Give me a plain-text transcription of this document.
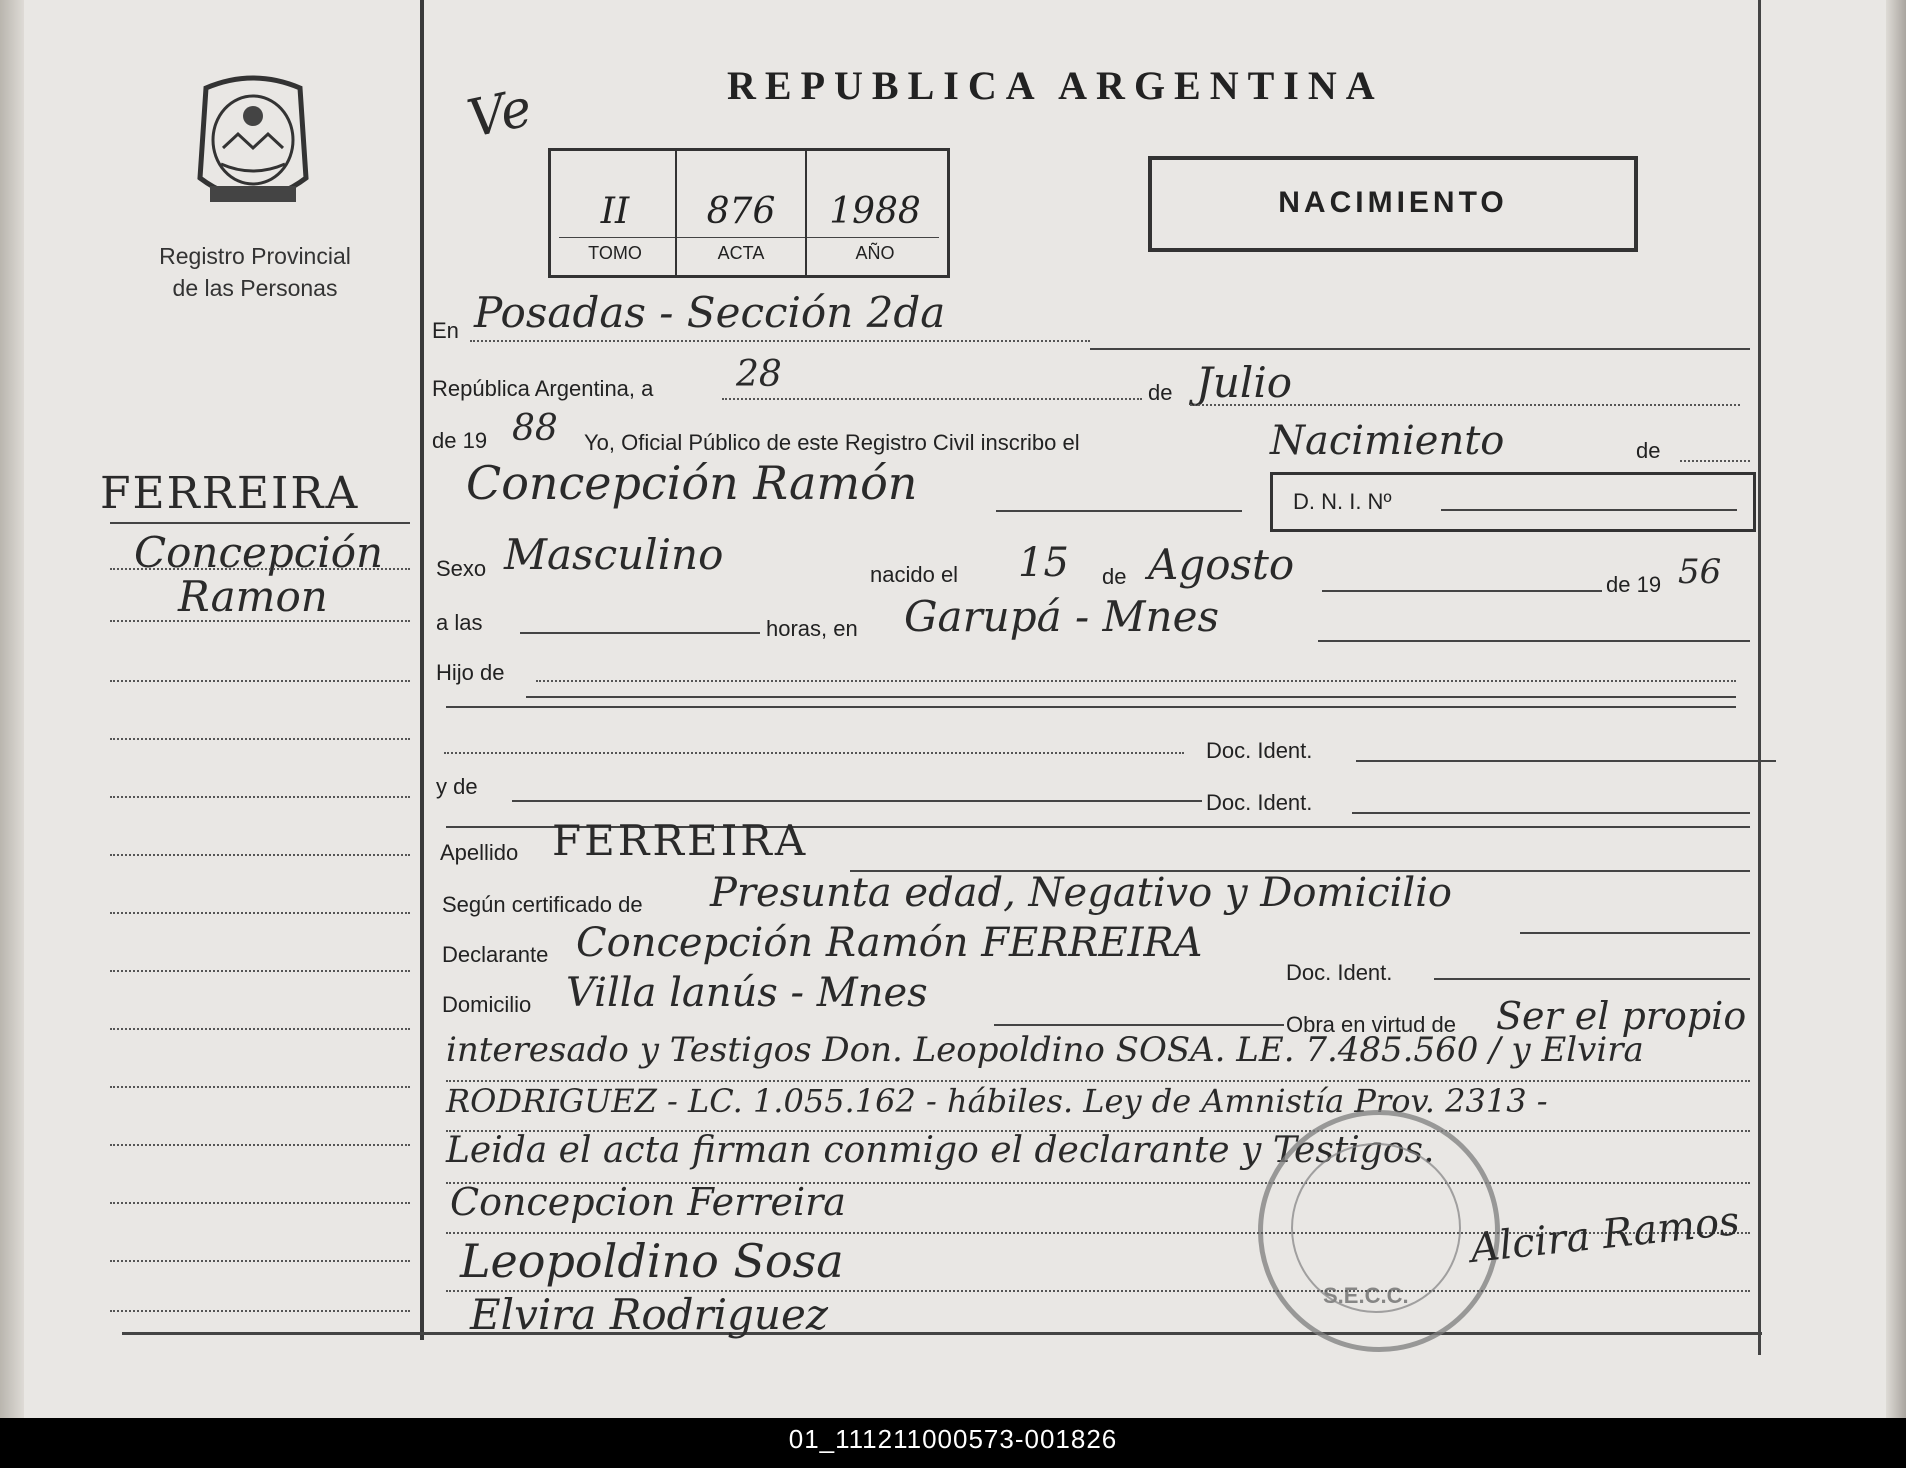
Registro Provincial
de las Personas
REPUBLICA ARGENTINA
Ve
II
TOMO
876
ACTA
1988
AÑO
NACIMIENTO
FERREIRA
Concepción
Ramon
En Posadas - Sección 2da
República Argentina, a 28	de Julio
de 19 88 Yo, Oficial Público de este Registro Civil inscribo el	Nacimiento	de
Concepción Ramón	D. N. I. Nº
Sexo Masculino	nacido el 15 de Agosto	de 19 56
a las	horas, en Garupá - Mnes
Hijo de
Doc. Ident.
y de
Doc. Ident.
Apellido FERREIRA
Según certificado de Presunta edad, Negativo y Domicilio
Declarante Concepción Ramón FERREIRA
Doc. Ident.
Domicilio Villa lanús - Mnes
Obra en virtud de Ser el propio
interesado y Testigos Don. Leopoldino SOSA. LE. 7.485.560 / y Elvira
RODRIGUEZ - LC. 1.055.162 - hábiles. Ley de Amnistía Prov. 2313 -
Leida el acta firman conmigo el declarante y Testigos.
S.E.C.C.
Concepcion Ferreira
Leopoldino Sosa
Elvira Rodriguez
Alcira Ramos
01_111211000573-001826
